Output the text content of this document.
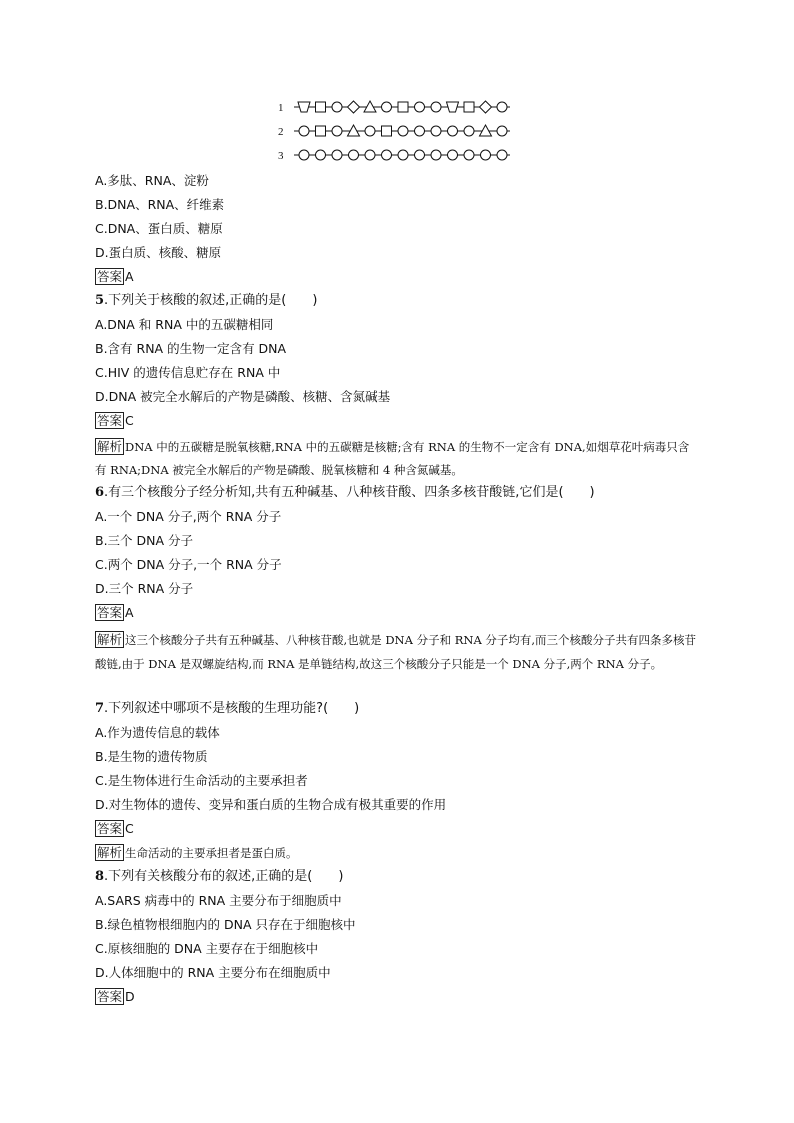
1
2
3
A.多肽、RNA、淀粉
B.DNA、RNA、纤维素
C.DNA、蛋白质、糖原
D.蛋白质、核酸、糖原
答案 A
5.下列关于核酸的叙述,正确的是(　　)
A.DNA 和 RNA 中的五碳糖相同
B.含有 RNA 的生物一定含有 DNA
C.HIV 的遗传信息贮存在 RNA 中
D.DNA 被完全水解后的产物是磷酸、核糖、含氮碱基
答案 C
解析 DNA 中的五碳糖是脱氧核糖,RNA 中的五碳糖是核糖;含有 RNA 的生物不一定含有 DNA,如烟草花叶病毒只含有 RNA;DNA 被完全水解后的产物是磷酸、脱氧核糖和 4 种含氮碱基。
6.有三个核酸分子经分析知,共有五种碱基、八种核苷酸、四条多核苷酸链,它们是(　　)
A.一个 DNA 分子,两个 RNA 分子
B.三个 DNA 分子
C.两个 DNA 分子,一个 RNA 分子
D.三个 RNA 分子
答案 A
解析 这三个核酸分子共有五种碱基、八种核苷酸,也就是 DNA 分子和 RNA 分子均有,而三个核酸分子共有四条多核苷酸链,由于 DNA 是双螺旋结构,而 RNA 是单链结构,故这三个核酸分子只能是一个 DNA 分子,两个 RNA 分子。
7.下列叙述中哪项不是核酸的生理功能?(　　)
A.作为遗传信息的载体
B.是生物的遗传物质
C.是生物体进行生命活动的主要承担者
D.对生物体的遗传、变异和蛋白质的生物合成有极其重要的作用
答案 C
解析 生命活动的主要承担者是蛋白质。
8.下列有关核酸分布的叙述,正确的是(　　)
A.SARS 病毒中的 RNA 主要分布于细胞质中
B.绿色植物根细胞内的 DNA 只存在于细胞核中
C.原核细胞的 DNA 主要存在于细胞核中
D.人体细胞中的 RNA 主要分布在细胞质中
答案 D
